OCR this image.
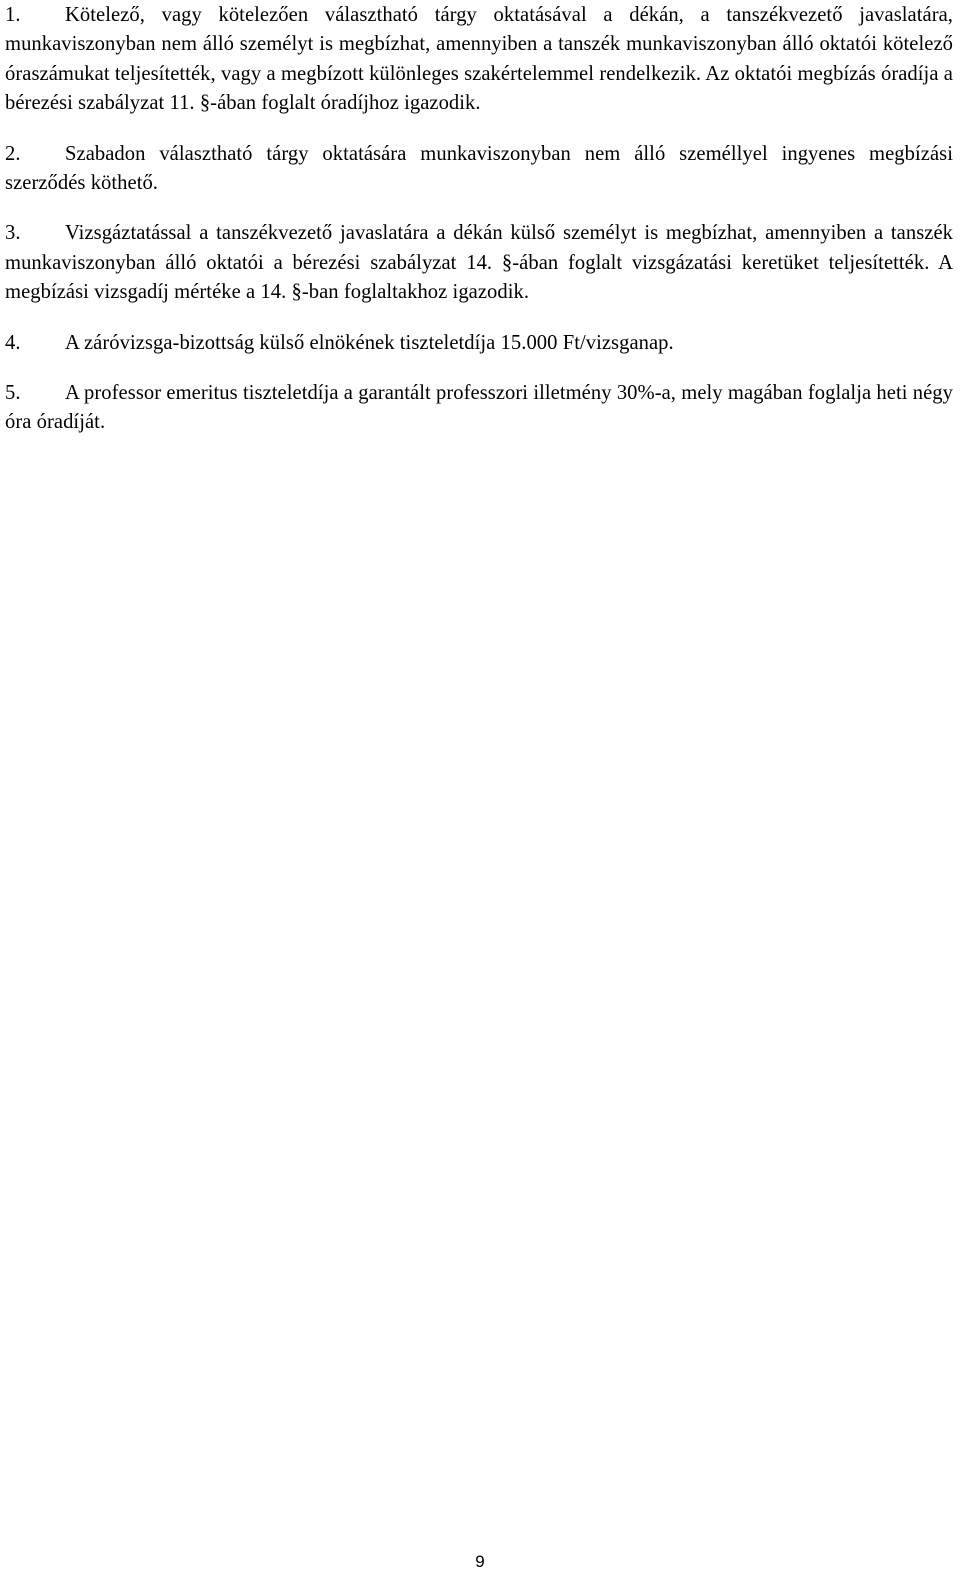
1. Kötelező, vagy kötelezően választható tárgy oktatásával a dékán, a tanszékvezető javaslatára, munkaviszonyban nem álló személyt is megbízhat, amennyiben a tanszék munkaviszonyban álló oktatói kötelező óraszámukat teljesítették, vagy a megbízott különleges szakértelemmel rendelkezik. Az oktatói megbízás óradíja a bérezési szabályzat 11. §-ában foglalt óradíjhoz igazodik.

2. Szabadon választható tárgy oktatására munkaviszonyban nem álló személlyel ingyenes megbízási szerződés köthető.

3. Vizsgáztatással a tanszékvezető javaslatára a dékán külső személyt is megbízhat, amennyiben a tanszék munkaviszonyban álló oktatói a bérezési szabályzat 14. §-ában foglalt vizsgázatási keretüket teljesítették. A megbízási vizsgadíj mértéke a 14. §-ban foglaltakhoz igazodik.

4. A záróvizsga-bizottság külső elnökének tiszteletdíja 15.000 Ft/vizsganap.

5. A professor emeritus tiszteletdíja a garantált professzori illetmény 30%-a, mely magában foglalja heti négy óra óradíját.

9
